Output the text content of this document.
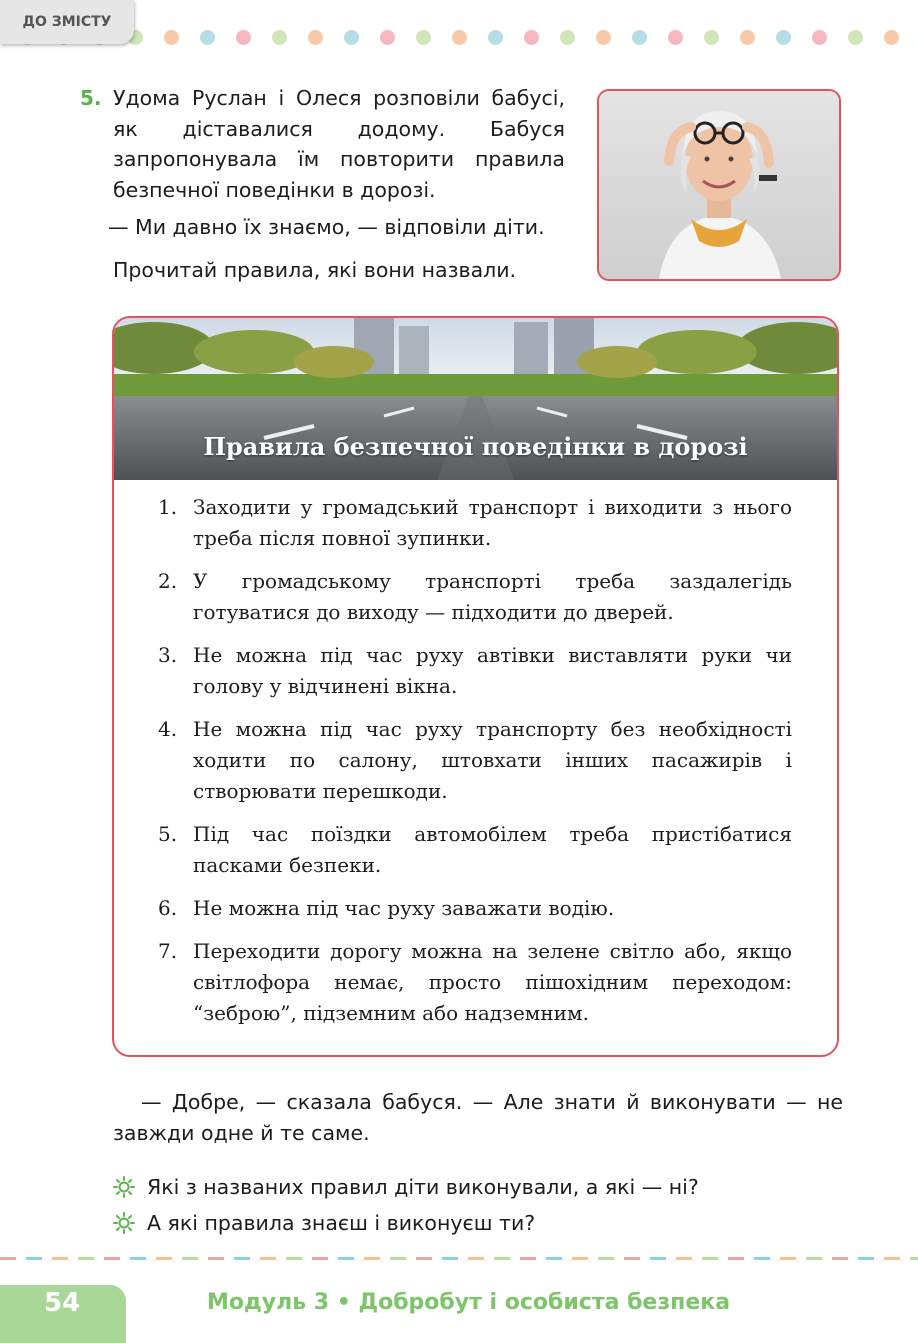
ДО ЗМІСТУ
5. Удома Руслан і Олеся розповіли бабусі, як діставалися додому. Бабуся запропонувала їм повторити правила безпечної поведінки в дорозі.
— Ми давно їх знаємо, — відповіли діти.
Прочитай правила, які вони назвали.
Правила безпечної поведінки в дорозі
1. Заходити у громадський транспорт і виходити з нього треба після повної зупинки.
2. У громадському транспорті треба заздалегідь готуватися до виходу — підходити до дверей.
3. Не можна під час руху автівки виставляти руки чи голову у відчинені вікна.
4. Не можна під час руху транспорту без необхідності ходити по салону, штовхати інших пасажирів і створювати перешкоди.
5. Під час поїздки автомобілем треба пристібатися пасками безпеки.
6. Не можна під час руху заважати водію.
7. Переходити дорогу можна на зелене світло або, якщо світлофора немає, просто пішохідним переходом: “зеброю”, підземним або надземним.
— Добре, — сказала бабуся. — Але знати й виконувати — не завжди одне й те саме.
Які з названих правил діти виконували, а які — ні?
А які правила знаєш і виконуєш ти?
54	Модуль 3 • Добробут і особиста безпека
